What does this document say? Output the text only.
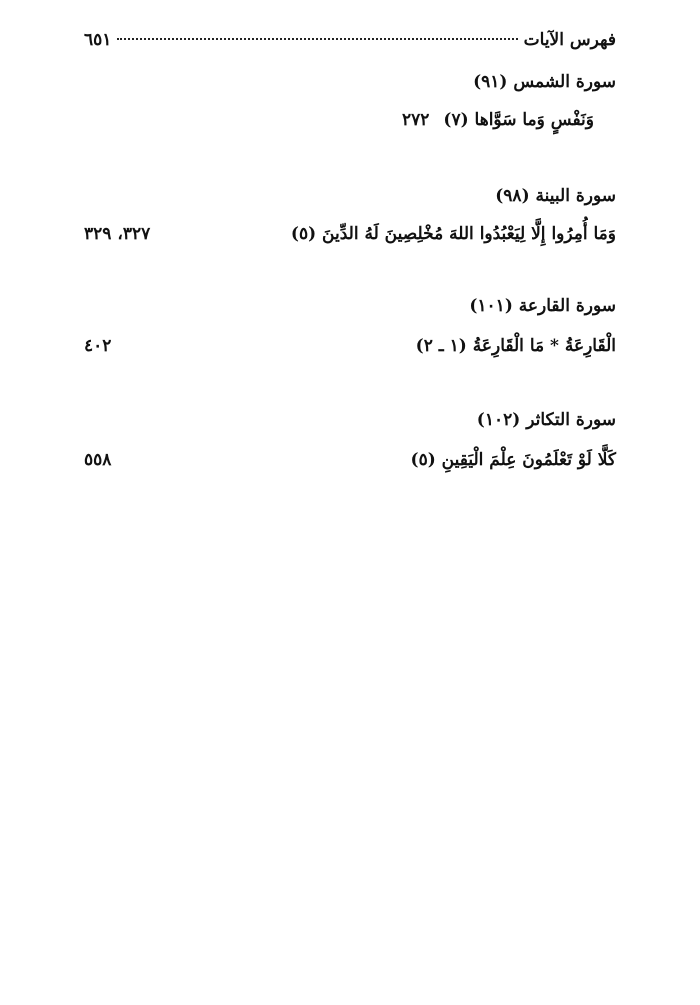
فهرس الآيات
٦٥١
سورة الشمس (٩١)
وَنَفْسٍ وَما سَوَّاها (٧)٢٧٢
سورة البينة (٩٨)
وَمَا أُمِرُوا إِلَّا لِيَعْبُدُوا اللهَ مُخْلِصِينَ لَهُ الدِّينَ (٥)
٣٢٧، ٣٢٩
سورة القارعة (١٠١)
الْقَارِعَةُ * مَا الْقَارِعَةُ (١ ـ ٢)
٤٠٢
سورة التكاثر (١٠٢)
كَلَّا لَوْ تَعْلَمُونَ عِلْمَ الْيَقِينِ (٥)
٥٥٨
